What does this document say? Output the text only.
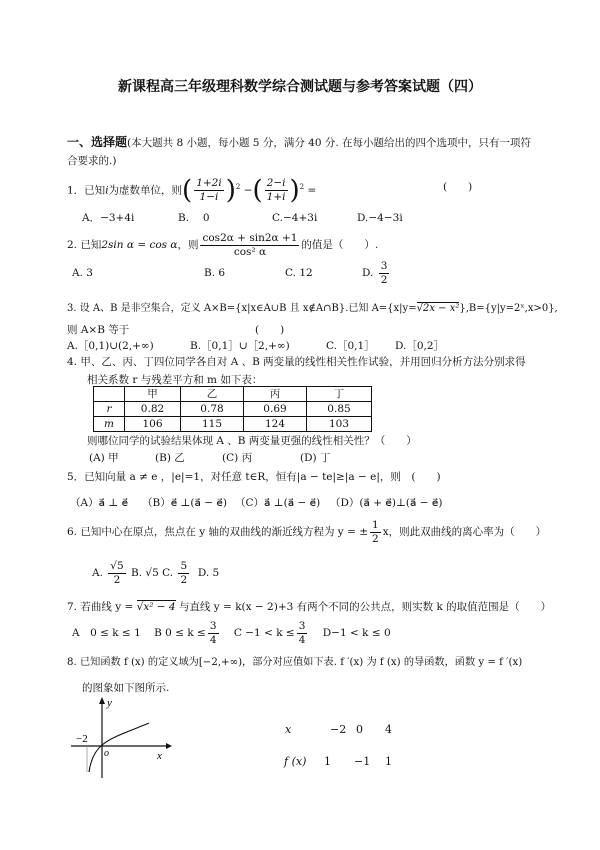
新课程高三年级理科数学综合测试题与参考答案试题（四）
一、选择题(本大题共 8 小题，每小题 5 分，满分 40 分. 在每小题给出的四个选项中，只有一项符
合要求的.)
1．已知i为虚数单位，则( $\frac{1+2i}{1-i} )^2$ −( $\frac{2-i}{1+i} )^2$ =	(　　)
A．−3+4i	B.　 0	C.−4+3i	D.−4−3i
2. 已知2sin α = cos α，则 $\frac{\cos 2\alpha + \sin 2\alpha +1}{\text{cos² α}}$ 的值是（　　）.
A. 3	B. 6	C. 12	D. $\frac{3}{2}$
3. 设 A、B 是非空集合，定义 A×B={x|x∈A∪B 且 x∉A∩B}.已知 A={x|y=√2x − x²},B={y|y=2ˣ,x>0},
则 A×B 等于	(　　)
A.［0,1)∪(2,+∞)	B.［0,1］∪［2,+∞)	C.［0,1］ D.［0,2］
4. 甲、乙、丙、丁四位同学各自对 A 、B 两变量的线性相关性作试验，并用回归分析方法分别求得
相关系数 r 与残差平方和 m 如下表：
	甲	乙	丙	丁
r	0.82	0.78	0.69	0.85
m	106	115	124	103
则哪位同学的试验结果体现 A 、B 两变量更强的线性相关性？（　　）
(A) 甲	(B) 乙	(C) 丙	(D) 丁
5．已知向量 a ≠ e ，|e|=1，对任意 t∈R，恒有|a − te|≥|a − e|，则　(　　)
（A）a⃗ ⊥ e⃗ （B）e⃗ ⊥(a⃗ − e⃗) （C）a⃗ ⊥(a⃗ − e⃗) （D）(a⃗ + e⃗)⊥(a⃗ − e⃗)
6. 已知中心在原点，焦点在 y 轴的双曲线的渐近线方程为 y = ± $\frac{1}{2}$ x，则此双曲线的离心率为（　　）
A. $\frac{√5}{2} B$. √5 C. $\frac{5}{2} D$. 5
7. 若曲线 y = √x² − 4 与直线 y = k(x − 2)+3 有两个不同的公共点，则实数 k 的取值范围是（　　）
A　0 ≤ k ≤ 1 B $0 \le k \le \frac{3}{4}$ $C -1 < k \le \frac{3}{4} D-1 < k \le 0$
8. 已知函数 f (x) 的定义域为[−2,+∞)，部分对应值如下表. f ′(x) 为 f (x) 的导函数，函数 y = f ′(x)
的图象如下图所示.
y
x
o
−2
x	−2 0 4
f (x) 1 −1 1
